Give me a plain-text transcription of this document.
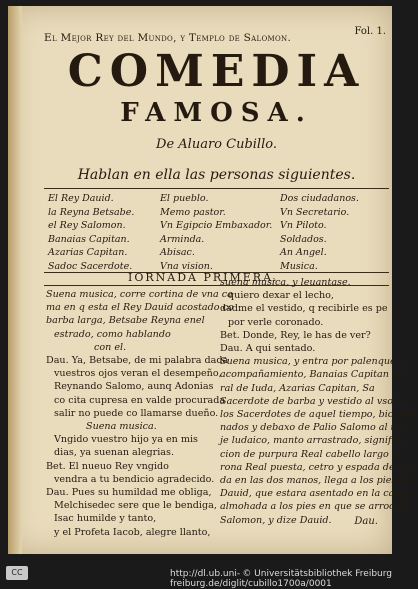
El Mejor Rey del Mundo, y Templo de Salomon.
Fol. 1.
COMEDIA
FAMOSA.
De Aluaro Cubillo.
Hablan en ella las personas siguientes.
El Rey Dauid.
la Reyna Betsabe.
el Rey Salomon.
Banaias Capitan.
Azarias Capitan.
Sadoc Sacerdote.
El pueblo.
Memo pastor.
Vn Egipcio Embaxador.
Arminda.
Abisac.
Vna vision.
Dos ciudadanos.
Vn Secretario.
Vn Piloto.
Soldados.
An Angel.
Musica.
IORNADA PRIMERA.
Suena musica, corre cortina de vna ca
ma en q esta el Rey Dauid acostado co
barba larga, Betsabe Reyna enel
estrado, como hablando
con el.
Dau. Ya, Betsabe, de mi palabra dada
vuestros ojos veran el desempeño,
Reynando Salomo, aunq Adonias
co cita cupresa en valde procurada
salir no puede co llamarse dueño.
Suena musica.
Vngido vuestro hijo ya en mis
dias, ya suenan alegrias.
Bet. El nueuo Rey vngido
vendra a tu bendicio agradecido.
Dau. Pues su humildad me obliga,
Melchisedec sere que le bendiga,
Isac humilde y tanto,
y el Profeta Iacob, alegre llanto,
suena musica, y leuantase.
quiero dexar el lecho,
dadme el vestido, q recibirle es pe
por verle coronado.
Bet. Donde, Rey, le has de ver?
Dau. A qui sentado.
Suena musica, y entra por palenque, y
acompañamiento, Banaias Capitan de
ral de Iuda, Azarias Capitan, Sa
Sacerdote de barba y vestido al vsode
los Sacerdotes de aquel tiempo, bic ador
nados y debaxo de Palio Salomo al tra
je ludaico, manto arrastrado, significa
cion de purpura Real cabello largo co
rona Real puesta, cetro y espada desnu
da en las dos manos, llega a los pies de
Dauid, que estara asentado en la cama
almohada a los pies en que se arrodille
Salomon, y dize Dauid.	Dau.
CC	http://dl.ub.uni-freiburg.de/diglit/cubillo1700a/0001
© Universitätsbibliothek Freiburg
